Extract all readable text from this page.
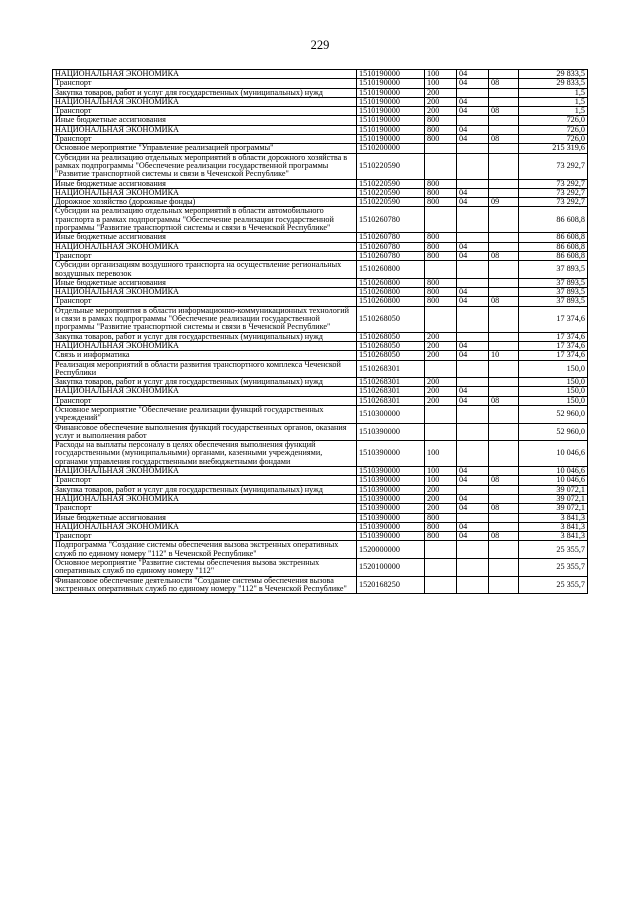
229
НАЦИОНАЛЬНАЯ ЭКОНОМИКА	1510190000	100	04		29 833,5
Транспорт	1510190000	100	04	08	29 833,5
Закупка товаров, работ и услуг для государственных (муниципальных) нужд	1510190000	200			1,5
НАЦИОНАЛЬНАЯ ЭКОНОМИКА	1510190000	200	04		1,5
Транспорт	1510190000	200	04	08	1,5
Иные бюджетные ассигнования	1510190000	800			726,0
НАЦИОНАЛЬНАЯ ЭКОНОМИКА	1510190000	800	04		726,0
Транспорт	1510190000	800	04	08	726,0
Основное мероприятие "Управление реализацией программы"	1510200000				215 319,6
Субсидии на реализацию отдельных мероприятий в области дорожного хозяйства в рамках подпрограммы "Обеспечение реализации государственной программы "Развитие транспортной системы и связи в Чеченской Республике"	1510220590				73 292,7
Иные бюджетные ассигнования	1510220590	800			73 292,7
НАЦИОНАЛЬНАЯ ЭКОНОМИКА	1510220590	800	04		73 292,7
Дорожное хозяйство (дорожные фонды)	1510220590	800	04	09	73 292,7
Субсидии на реализацию отдельных мероприятий в области автомобильного транспорта в рамках подпрограммы "Обеспечение реализации государственной программы "Развитие транспортной системы и связи в Чеченской Республике"	1510260780				86 608,8
Иные бюджетные ассигнования	1510260780	800			86 608,8
НАЦИОНАЛЬНАЯ ЭКОНОМИКА	1510260780	800	04		86 608,8
Транспорт	1510260780	800	04	08	86 608,8
Субсидии организациям воздушного транспорта на осуществление региональных воздушных перевозок	1510260800				37 893,5
Иные бюджетные ассигнования	1510260800	800			37 893,5
НАЦИОНАЛЬНАЯ ЭКОНОМИКА	1510260800	800	04		37 893,5
Транспорт	1510260800	800	04	08	37 893,5
Отдельные мероприятия в области информационно-коммуникационных технологий и связи в рамках подпрограммы "Обеспечение реализации государственной программы "Развитие транспортной системы и связи в Чеченской Республике"	1510268050				17 374,6
Закупка товаров, работ и услуг для государственных (муниципальных) нужд	1510268050	200			17 374,6
НАЦИОНАЛЬНАЯ ЭКОНОМИКА	1510268050	200	04		17 374,6
Связь и информатика	1510268050	200	04	10	17 374,6
Реализация мероприятий в области развития транспортного комплекса Чеченской Республики	1510268301				150,0
Закупка товаров, работ и услуг для государственных (муниципальных) нужд	1510268301	200			150,0
НАЦИОНАЛЬНАЯ ЭКОНОМИКА	1510268301	200	04		150,0
Транспорт	1510268301	200	04	08	150,0
Основное мероприятие "Обеспечение реализации функций государственных учреждений"	1510300000				52 960,0
Финансовое обеспечение выполнения функций государственных органов, оказания услуг и выполнения работ	1510390000				52 960,0
Расходы на выплаты персоналу в целях обеспечения выполнения функций государственными (муниципальными) органами, казенными учреждениями, органами управления государственными внебюджетными фондами	1510390000	100			10 046,6
НАЦИОНАЛЬНАЯ ЭКОНОМИКА	1510390000	100	04		10 046,6
Транспорт	1510390000	100	04	08	10 046,6
Закупка товаров, работ и услуг для государственных (муниципальных) нужд	1510390000	200			39 072,1
НАЦИОНАЛЬНАЯ ЭКОНОМИКА	1510390000	200	04		39 072,1
Транспорт	1510390000	200	04	08	39 072,1
Иные бюджетные ассигнования	1510390000	800			3 841,3
НАЦИОНАЛЬНАЯ ЭКОНОМИКА	1510390000	800	04		3 841,3
Транспорт	1510390000	800	04	08	3 841,3
Подпрограмма "Создание системы обеспечения вызова экстренных оперативных служб по единому номеру "112" в Чеченской Республике"	1520000000				25 355,7
Основное мероприятие "Развитие системы обеспечения вызова экстренных оперативных служб по единому номеру "112"	1520100000				25 355,7
Финансовое обеспечение деятельности "Создание системы обеспечения вызова экстренных оперативных служб по единому номеру "112" в Чеченской Республике"	1520168250				25 355,7
